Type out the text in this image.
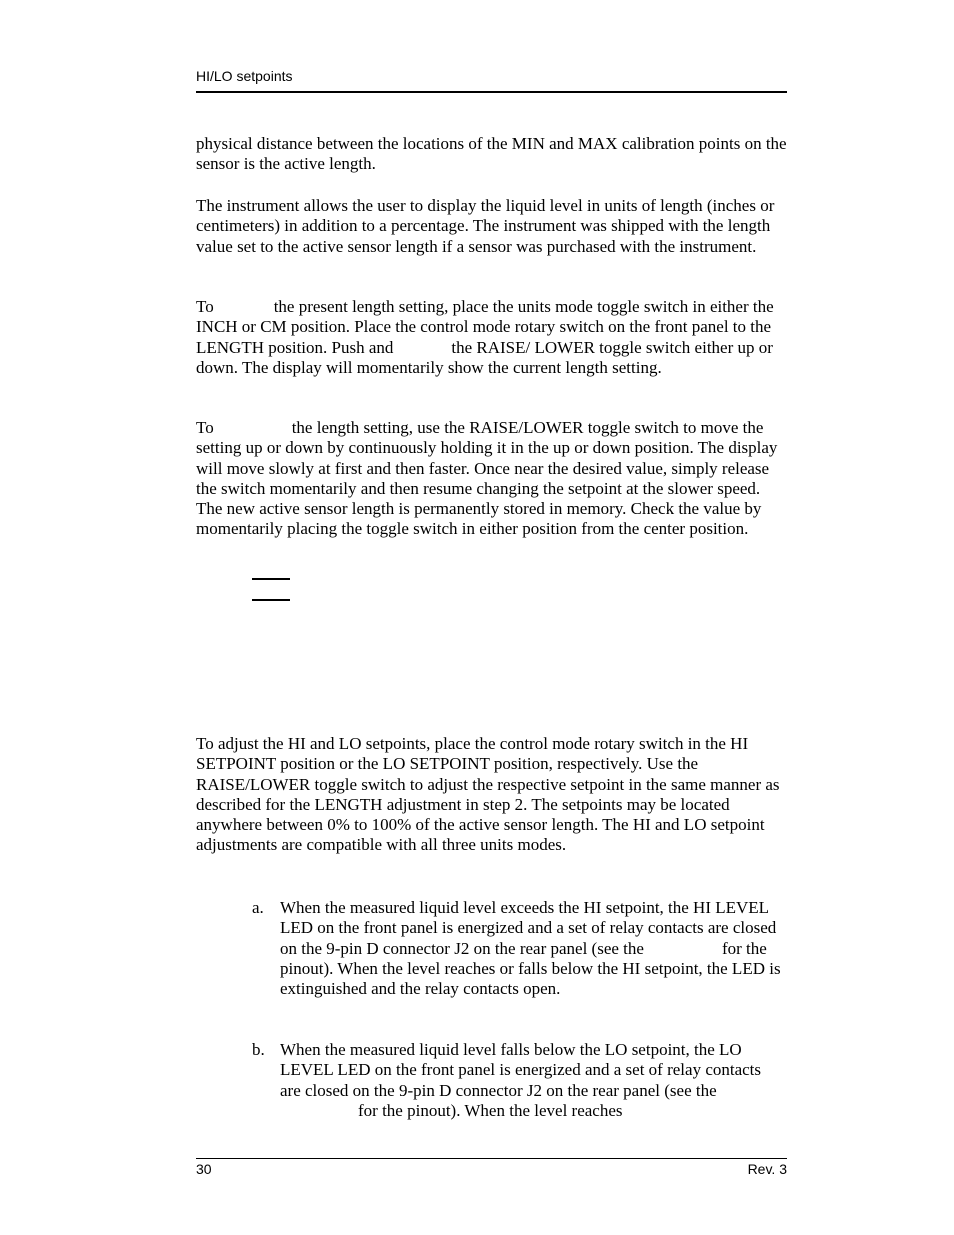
HI/LO setpoints
physical distance between the locations of the MIN and MAX calibration points on the sensor is the active length.
The instrument allows the user to display the liquid level in units of length (inches or centimeters) in addition to a percentage. The instrument was shipped with the length value set to the active sensor length if a sensor was purchased with the instrument.
To	the present length setting, place the units mode toggle switch in either the INCH or CM position. Place the control mode rotary switch on the front panel to the LENGTH position. Push and	the RAISE/ LOWER toggle switch either up or down. The display will momentarily show the current length setting.
To	the length setting, use the RAISE/LOWER toggle switch to move the setting up or down by continuously holding it in the up or down position. The display will move slowly at first and then faster. Once near the desired value, simply release the switch momentarily and then resume changing the setpoint at the slower speed. The new active sensor length is permanently stored in memory. Check the value by momentarily placing the toggle switch in either position from the center position.
To adjust the HI and LO setpoints, place the control mode rotary switch in the HI SETPOINT position or the LO SETPOINT position, respectively. Use the RAISE/LOWER toggle switch to adjust the respective setpoint in the same manner as described for the LENGTH adjustment in step 2. The setpoints may be located anywhere between 0% to 100% of the active sensor length. The HI and LO setpoint adjustments are compatible with all three units modes.
a. When the measured liquid level exceeds the HI setpoint, the HI LEVEL LED on the front panel is energized and a set of relay contacts are closed on the 9-pin D connector J2 on the rear panel (see the	for the pinout). When the level reaches or falls below the HI setpoint, the LED is extinguished and the relay contacts open.
b. When the measured liquid level falls below the LO setpoint, the LO LEVEL LED on the front panel is energized and a set of relay contacts are closed on the 9-pin D connector J2 on the rear panel (see thefor the pinout). When the level reaches
30	Rev. 3
